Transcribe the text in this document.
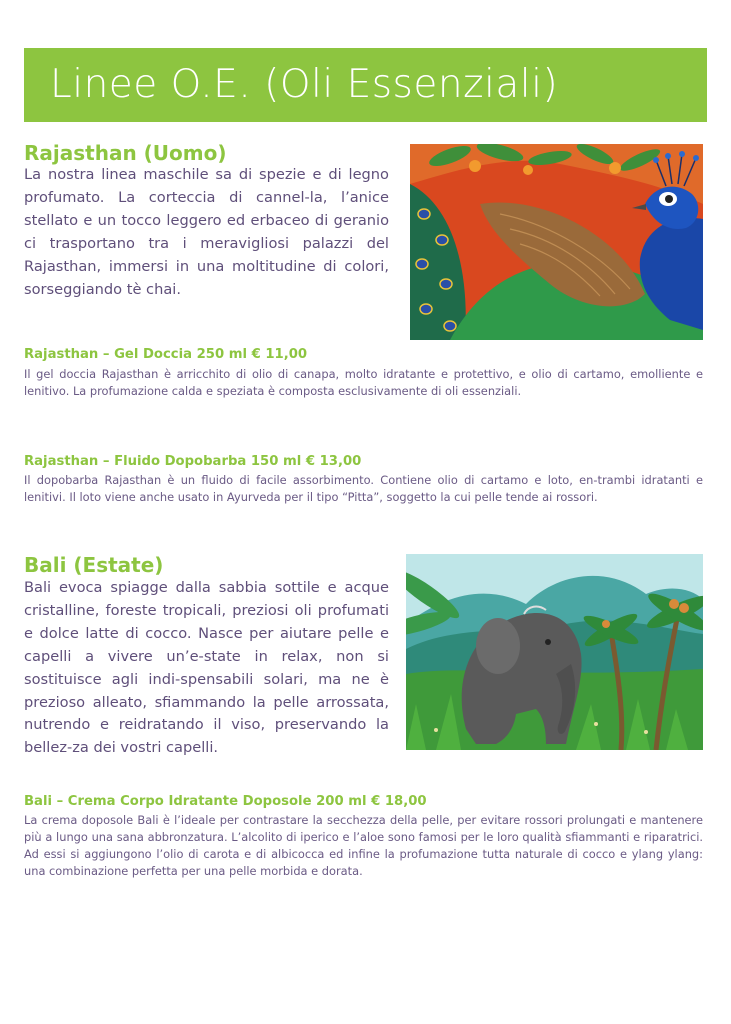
Linee O.E. (Oli Essenziali)
Rajasthan (Uomo)

La nostra linea maschile sa di spezie e di legno profumato. La corteccia di cannel-la, l’anice stellato e un tocco leggero ed erbaceo di geranio ci trasportano tra i meravigliosi palazzi del Rajasthan, immersi in una moltitudine di colori, sorseggiando tè chai.

Rajasthan – Gel Doccia 250 ml € 11,00

Il gel doccia Rajasthan è arricchito di olio di canapa, molto idratante e protettivo, e olio di cartamo, emolliente e lenitivo. La profumazione calda e speziata è composta esclusivamente di oli essenziali.

Rajasthan – Fluido Dopobarba 150 ml € 13,00

Il dopobarba Rajasthan è un fluido di facile assorbimento. Contiene olio di cartamo e loto, en-trambi idratanti e lenitivi. Il loto viene anche usato in Ayurveda per il tipo “Pitta”, soggetto la cui pelle tende ai rossori.

Bali (Estate)

Bali evoca spiagge dalla sabbia sottile e acque cristalline, foreste tropicali, preziosi oli profumati e dolce latte di cocco. Nasce per aiutare pelle e capelli a vivere un’e-state in relax, non si sostituisce agli indi-spensabili solari, ma ne è prezioso alleato, sfiammando la pelle arrossata, nutrendo e reidratando il viso, preservando la bellez-za dei vostri capelli.

Bali – Crema Corpo Idratante Doposole 200 ml € 18,00

La crema doposole Bali è l’ideale per contrastare la secchezza della pelle, per evitare rossori prolungati e mantenere più a lungo una sana abbronzatura. L’alcolito di iperico e l’aloe sono famosi per le loro qualità sfiammanti e riparatrici. Ad essi si aggiungono l’olio di carota e di albicocca ed infine la profumazione tutta naturale di cocco e ylang ylang: una combinazione perfetta per una pelle morbida e dorata.
